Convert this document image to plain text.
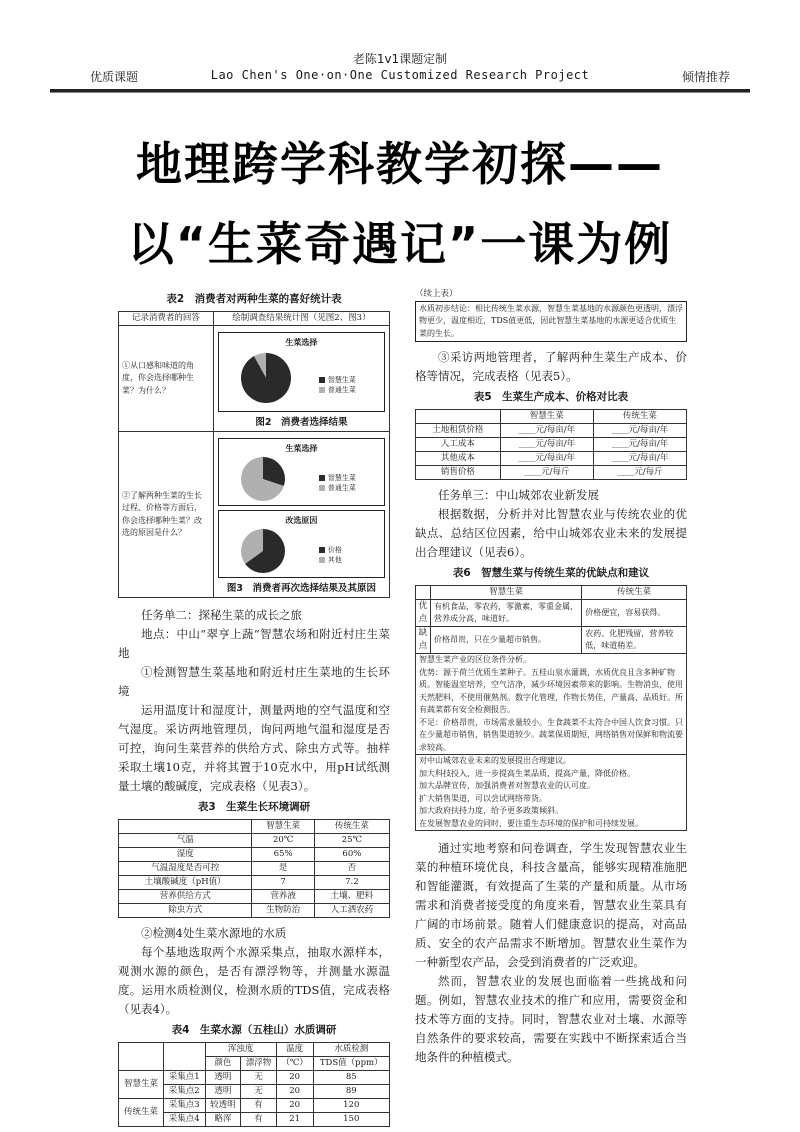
老陈1v1课题定制
优质课题	Lao Chen's One·on·One Customized Research Project	倾情推荐
地理跨学科教学初探——
以“生菜奇遇记”一课为例
表2　消费者对两种生菜的喜好统计表
记录消费者的回答	绘制调查结果统计图（见图2、图3）
①从口感和味道的角度，你会选择哪种生菜？为什么？	生菜选择
智慧生菜
普通生菜
图2　消费者选择结果

②了解两种生菜的生长过程、价格等方面后，你会选择哪种生菜？改选的原因是什么？	
生菜选择
智慧生菜
普通生菜
改选原因
价格
其他
图3　消费者再次选择结果及其原因

任务单二：探秘生菜的成长之旅

地点：中山“翠亨上蔬”智慧农场和附近村庄生菜地

①检测智慧生菜基地和附近村庄生菜地的生长环境

运用温度计和湿度计，测量两地的空气温度和空气湿度。采访两地管理员，询问两地气温和湿度是否可控，询问生菜营养的供给方式、除虫方式等。抽样采取土壤10克，并将其置于10克水中，用pH试纸测量土壤的酸碱度，完成表格（见表3）。

表3　生菜生长环境调研
	智慧生菜	传统生菜
气温	20℃	25℃
湿度	65%	60%
气温湿度是否可控	是	否
土壤酸碱度（pH值）	7	7.2
营养供给方式	营养液	土壤、肥料
除虫方式	生物防治	人工洒农药

②检测4处生菜水源地的水质

每个基地选取两个水源采集点，抽取水源样本，观测水源的颜色，是否有漂浮物等，并测量水源温度。运用水质检测仪，检测水质的TDS值，完成表格（见表4）。

表4　生菜水源（五桂山）水质调研
		浑浊度		温度	水质检测
		颜色	漂浮物	（℃）	TDS值（ppm）
智慧生菜	采集点1	透明	无	20	85
	采集点2	透明	无	20	89
传统生菜	采集点3	较透明	有	20	120
	采集点4	略浑	有	21	150
（续上表）
水质初步结论：相比传统生菜水源，智慧生菜基地的水源颜色更透明，漂浮物更少，温度相近，TDS值更低，因此智慧生菜基地的水源更适合优质生菜的生长。

③采访两地管理者，了解两种生菜生产成本、价格等情况，完成表格（见表5）。

表5　生菜生产成本、价格对比表
	智慧生菜	传统生菜
土地租赁价格	____元/每亩/年	____元/每亩/年
人工成本	____元/每亩/年	____元/每亩/年
其他成本	____元/每亩/年	____元/每亩/年
销售价格	____元/每斤	____元/每斤

任务单三：中山城郊农业新发展

根据数据，分析并对比智慧农业与传统农业的优缺点、总结区位因素，给中山城郊农业未来的发展提出合理建议（见表6）。

表6　智慧生菜与传统生菜的优缺点和建议
	智慧生菜	传统生菜
优点	有机食品，零农药，零激素，零重金属，营养成分高，味道好。	价格便宜，容易获得。
缺点	价格昂贵，只在少量超市销售。	农药、化肥残留，营养较低，味道稍差。

智慧生菜产业的区位条件分析。
优势：源于荷兰优质生菜种子。五桂山泉水灌溉，水质优良且含多种矿物质。智能温室培养，空气洁净，减少环境因素带来的影响。生物消虫，使用天然肥料，不使用催熟剂。数字化管理，作物长势佳，产量高，品质好。所有蔬菜都有安全检测报告。
不足：价格昂贵，市场需求量较小。生食蔬菜不太符合中国人饮食习惯。只在少量超市销售，销售渠道较少。蔬菜保质期短，网络销售对保鲜和物流要求较高。		

对中山城郊农业未来的发展提出合理建议。
加大科技投入，进一步提高生菜品质，提高产量，降低价格。
加大品牌宣传，加强消费者对智慧农业的认可度。
扩大销售渠道，可以尝试网络带货。
加大政府扶持力度，给予更多政策倾斜。
在发展智慧农业的同时，要注重生态环境的保护和可持续发展。

通过实地考察和问卷调查，学生发现智慧农业生菜的种植环境优良，科技含量高，能够实现精准施肥和智能灌溉，有效提高了生菜的产量和质量。从市场需求和消费者接受度的角度来看，智慧农业生菜具有广阔的市场前景。随着人们健康意识的提高，对高品质、安全的农产品需求不断增加。智慧农业生菜作为一种新型农产品，会受到消费者的广泛欢迎。

然而，智慧农业的发展也面临着一些挑战和问题。例如，智慧农业技术的推广和应用，需要资金和技术等方面的支持。同时，智慧农业对土壤、水源等自然条件的要求较高，需要在实践中不断探索适合当地条件的种植模式。
